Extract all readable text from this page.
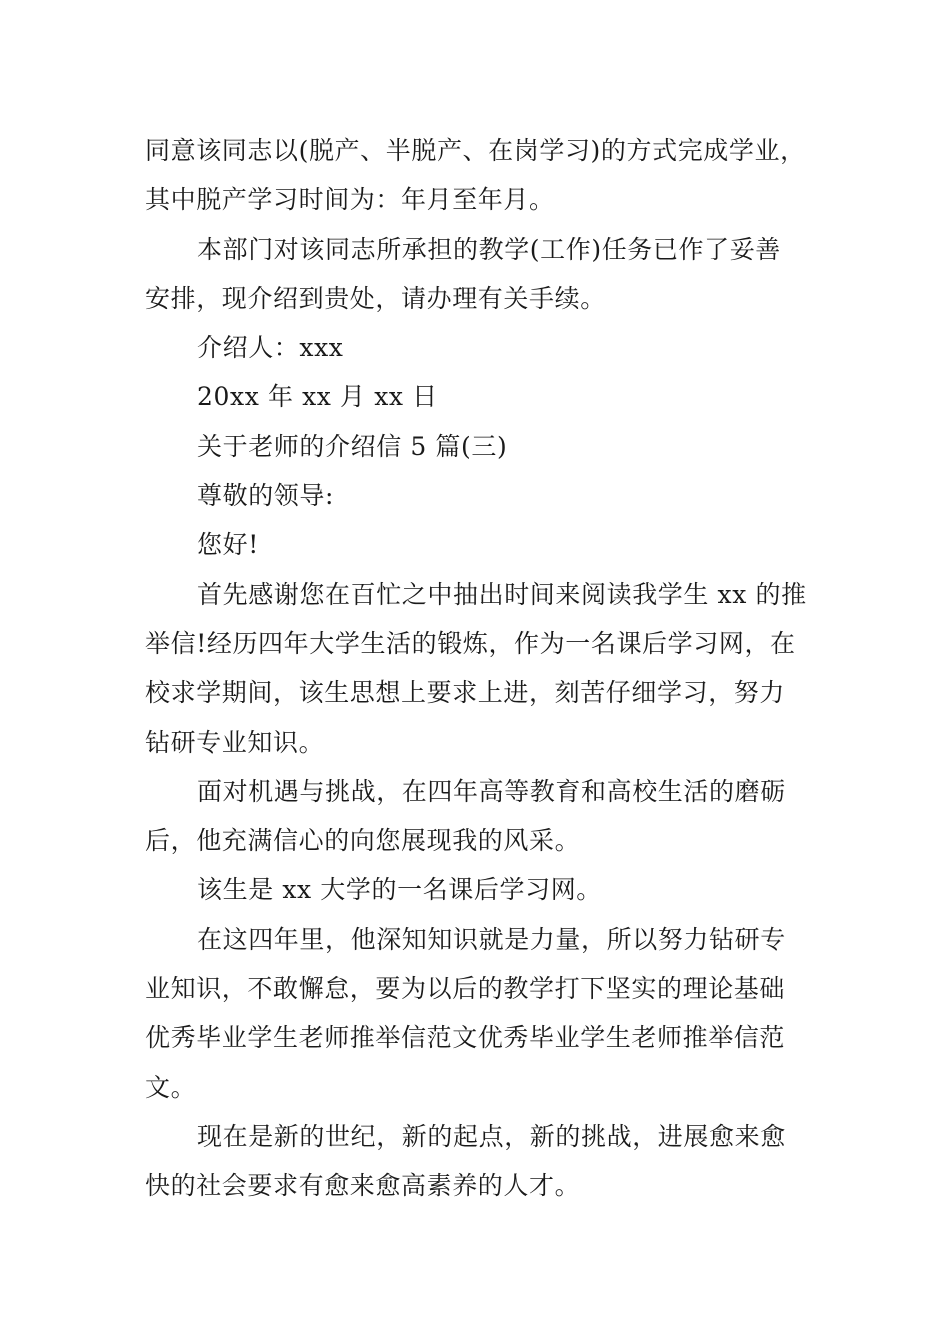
同意该同志以(脱产、半脱产、在岗学习)的方式完成学业，
其中脱产学习时间为：年月至年月。
本部门对该同志所承担的教学(工作)任务已作了妥善
安排，现介绍到贵处，请办理有关手续。
介绍人：xxx
20xx 年 xx 月 xx 日
关于老师的介绍信 5 篇(三)
尊敬的领导:
您好!
首先感谢您在百忙之中抽出时间来阅读我学生 xx 的推
举信!经历四年大学生活的锻炼，作为一名课后学习网，在
校求学期间，该生思想上要求上进，刻苦仔细学习，努力
钻研专业知识。
面对机遇与挑战，在四年高等教育和高校生活的磨砺
后，他充满信心的向您展现我的风采。
该生是 xx 大学的一名课后学习网。
在这四年里，他深知知识就是力量，所以努力钻研专
业知识，不敢懈怠，要为以后的教学打下坚实的理论基础
优秀毕业学生老师推举信范文优秀毕业学生老师推举信范
文。
现在是新的世纪，新的起点，新的挑战，进展愈来愈
快的社会要求有愈来愈高素养的人才。
